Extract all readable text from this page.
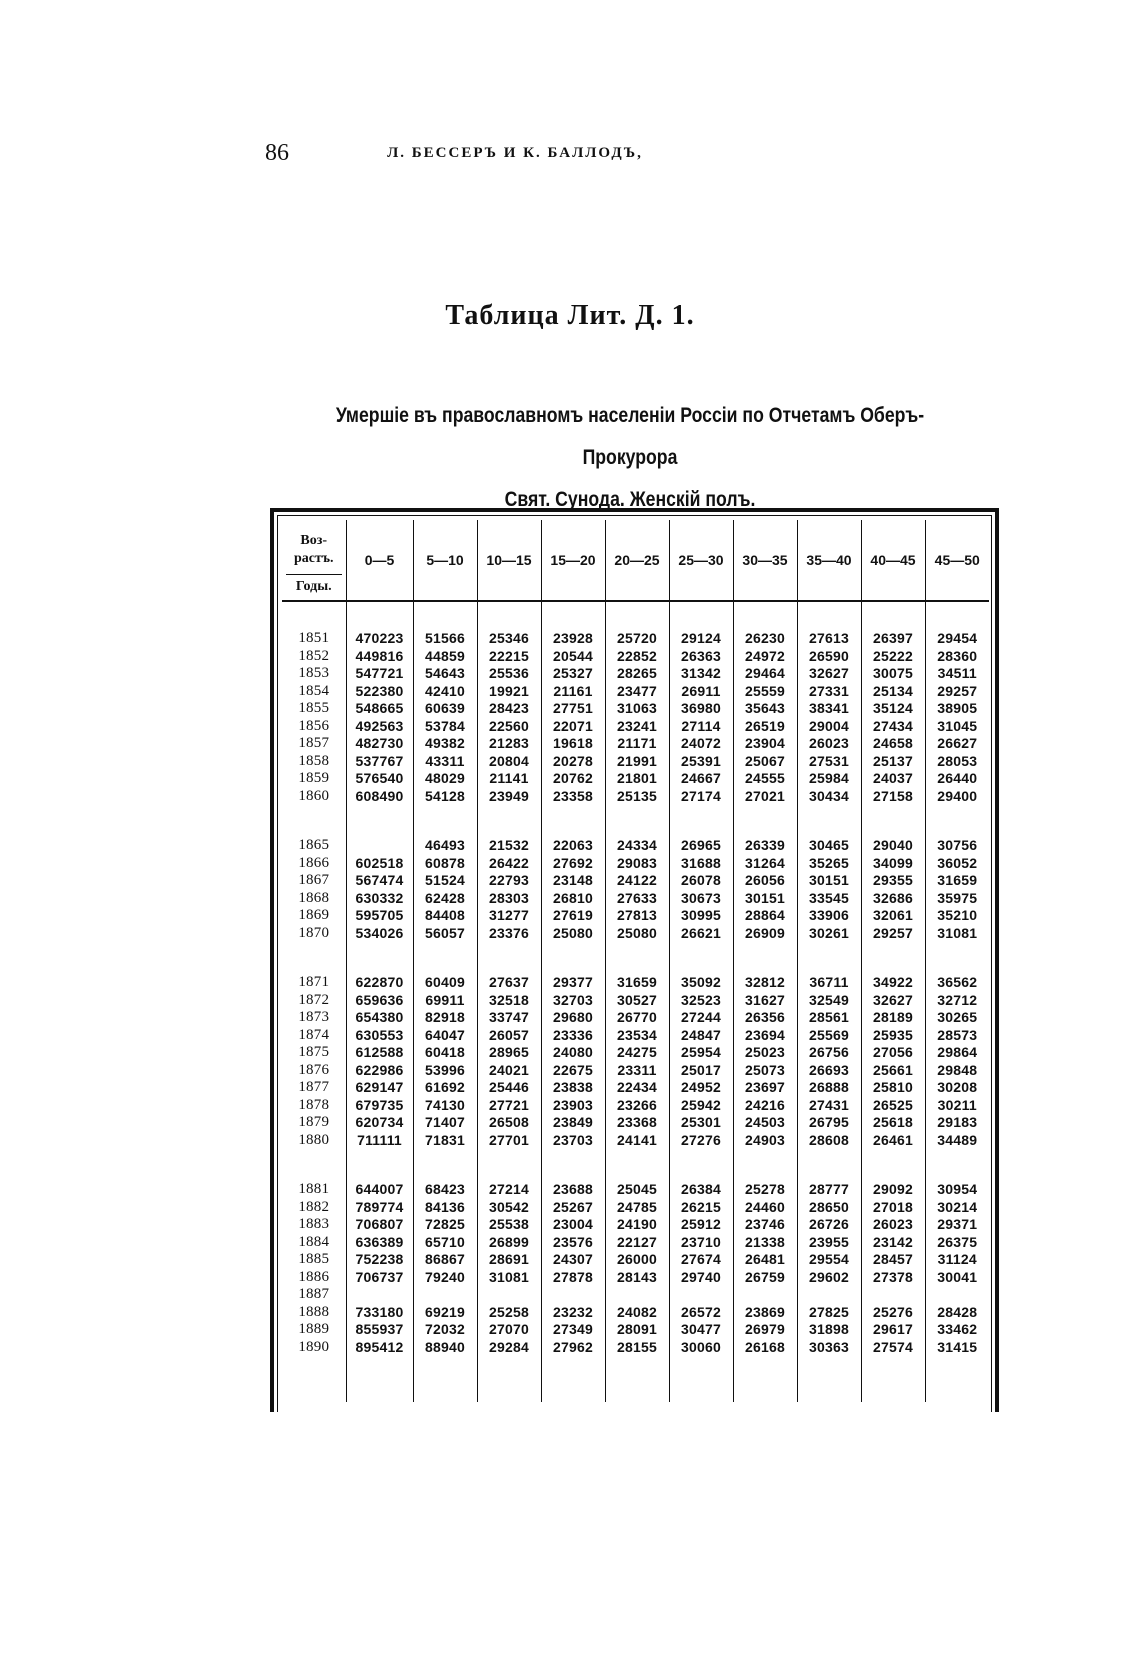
86	Л. БЕССЕРЪ И К. БАЛЛОДЪ,
Таблица Лит. Д. 1.
Умершіе въ православномъ населеніи Россіи по Отчетамъ Оберъ-Прокурора
Свят. Сунода. Женскій полъ.
Воз-
растъ.
Годы.	0—5	5—10	10—15	15—20	20—25	25—30	30—35	35—40	40—45	45—50

1851	470223	51566	25346	23928	25720	29124	26230	27613	26397	29454
1852	449816	44859	22215	20544	22852	26363	24972	26590	25222	28360
1853	547721	54643	25536	25327	28265	31342	29464	32627	30075	34511
1854	522380	42410	19921	21161	23477	26911	25559	27331	25134	29257
1855	548665	60639	28423	27751	31063	36980	35643	38341	35124	38905
1856	492563	53784	22560	22071	23241	27114	26519	29004	27434	31045
1857	482730	49382	21283	19618	21171	24072	23904	26023	24658	26627
1858	537767	43311	20804	20278	21991	25391	25067	27531	25137	28053
1859	576540	48029	21141	20762	21801	24667	24555	25984	24037	26440
1860	608490	54128	23949	23358	25135	27174	27021	30434	27158	29400

1865		46493	21532	22063	24334	26965	26339	30465	29040	30756
1866	602518	60878	26422	27692	29083	31688	31264	35265	34099	36052
1867	567474	51524	22793	23148	24122	26078	26056	30151	29355	31659
1868	630332	62428	28303	26810	27633	30673	30151	33545	32686	35975
1869	595705	84408	31277	27619	27813	30995	28864	33906	32061	35210
1870	534026	56057	23376	25080	25080	26621	26909	30261	29257	31081

1871	622870	60409	27637	29377	31659	35092	32812	36711	34922	36562
1872	659636	69911	32518	32703	30527	32523	31627	32549	32627	32712
1873	654380	82918	33747	29680	26770	27244	26356	28561	28189	30265
1874	630553	64047	26057	23336	23534	24847	23694	25569	25935	28573
1875	612588	60418	28965	24080	24275	25954	25023	26756	27056	29864
1876	622986	53996	24021	22675	23311	25017	25073	26693	25661	29848
1877	629147	61692	25446	23838	22434	24952	23697	26888	25810	30208
1878	679735	74130	27721	23903	23266	25942	24216	27431	26525	30211
1879	620734	71407	26508	23849	23368	25301	24503	26795	25618	29183
1880	711111	71831	27701	23703	24141	27276	24903	28608	26461	34489

1881	644007	68423	27214	23688	25045	26384	25278	28777	29092	30954
1882	789774	84136	30542	25267	24785	26215	24460	28650	27018	30214
1883	706807	72825	25538	23004	24190	25912	23746	26726	26023	29371
1884	636389	65710	26899	23576	22127	23710	21338	23955	23142	26375
1885	752238	86867	28691	24307	26000	27674	26481	29554	28457	31124
1886	706737	79240	31081	27878	28143	29740	26759	29602	27378	30041
1887										
1888	733180	69219	25258	23232	24082	26572	23869	27825	25276	28428
1889	855937	72032	27070	27349	28091	30477	26979	31898	29617	33462
1890	895412	88940	29284	27962	28155	30060	26168	30363	27574	31415
